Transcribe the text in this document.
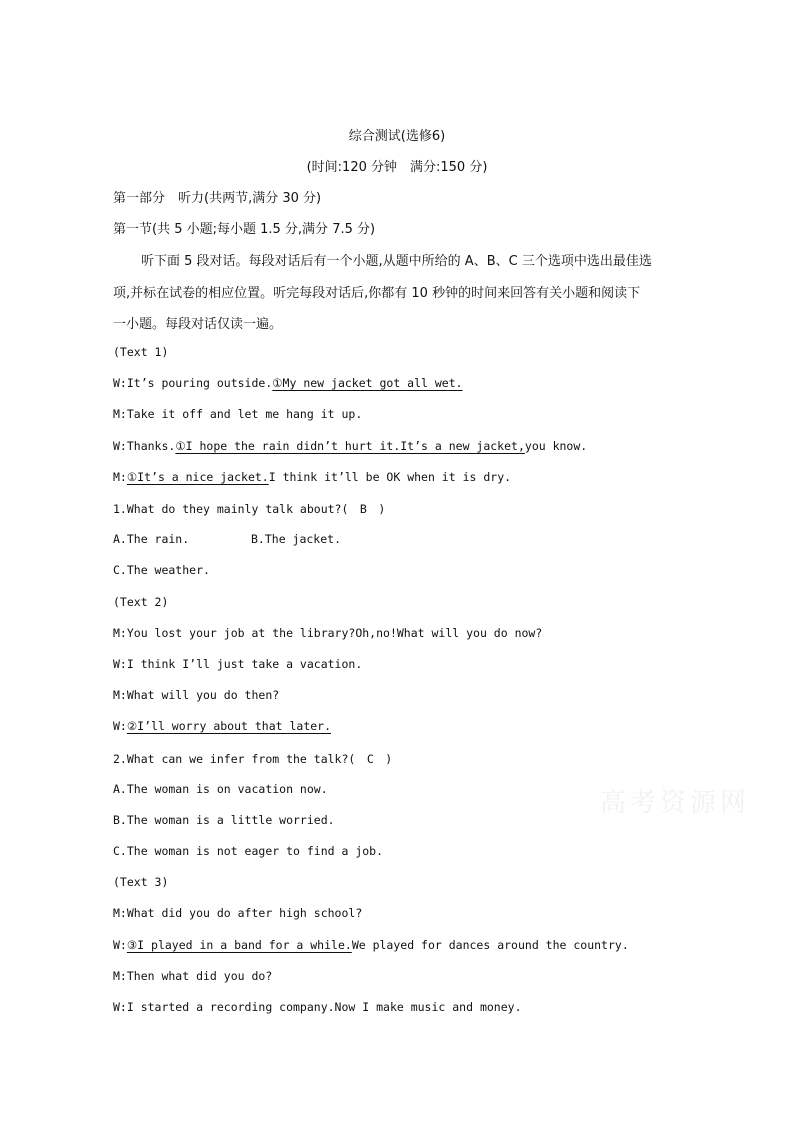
综合测试(选修6)
(时间:120 分钟　满分:150 分)
第一部分　听力(共两节,满分 30 分)
第一节(共 5 小题;每小题 1.5 分,满分 7.5 分)
听下面 5 段对话。每段对话后有一个小题,从题中所给的 A、B、C 三个选项中选出最佳选
项,并标在试卷的相应位置。听完每段对话后,你都有 10 秒钟的时间来回答有关小题和阅读下
一小题。每段对话仅读一遍。
(Text 1)
W:It’s pouring outside.①My new jacket got all wet.
M:Take it off and let me hang it up.
W:Thanks.①I hope the rain didn’t hurt it.It’s a new jacket,you know.
M:①It’s a nice jacket.I think it’ll be OK when it is dry.
1.What do they mainly talk about?(　B　)
A.The rain.	B.The jacket.
C.The weather.
(Text 2)
M:You lost your job at the library?Oh,no!What will you do now?
W:I think I’ll just take a vacation.
M:What will you do then?
W:②I’ll worry about that later.
2.What can we infer from the talk?(　C　)
A.The woman is on vacation now.
B.The woman is a little worried.
C.The woman is not eager to find a job.
(Text 3)
M:What did you do after high school?
W:③I played in a band for a while.We played for dances around the country.
M:Then what did you do?
W:I started a recording company.Now I make music and money.
高考资源网
